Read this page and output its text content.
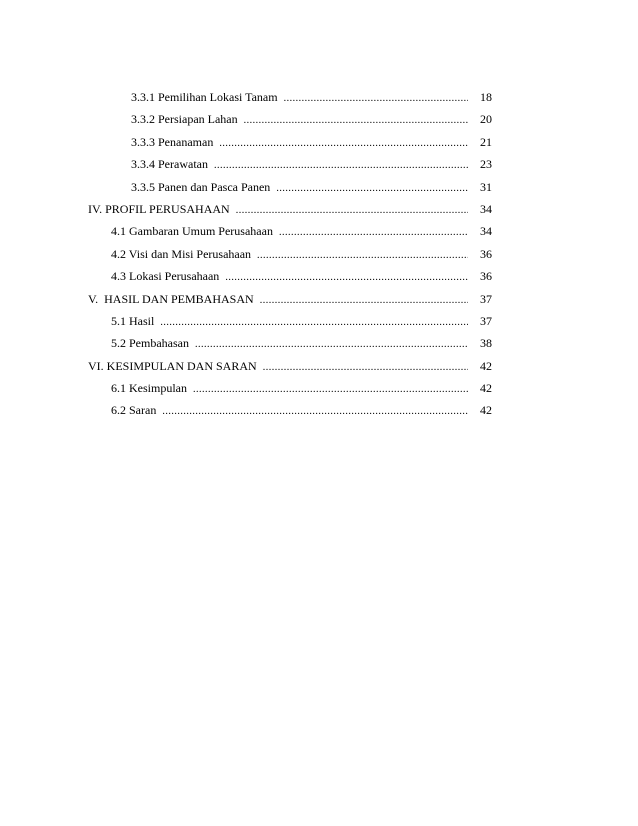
3.3.1 Pemilihan Lokasi Tanam .....	18
3.3.2 Persiapan Lahan .....	20
3.3.3 Penanaman .....	21
3.3.4 Perawatan .....	23
3.3.5 Panen dan Pasca Panen .....	31
IV. PROFIL PERUSAHAAN .....	34
4.1 Gambaran Umum Perusahaan .....	34
4.2 Visi dan Misi Perusahaan .....	36
4.3 Lokasi Perusahaan .....	36
V.  HASIL DAN PEMBAHASAN .....	37
5.1 Hasil .....	37
5.2 Pembahasan .....	38
VI. KESIMPULAN DAN SARAN .....	42
6.1 Kesimpulan .....	42
6.2 Saran .....	42
